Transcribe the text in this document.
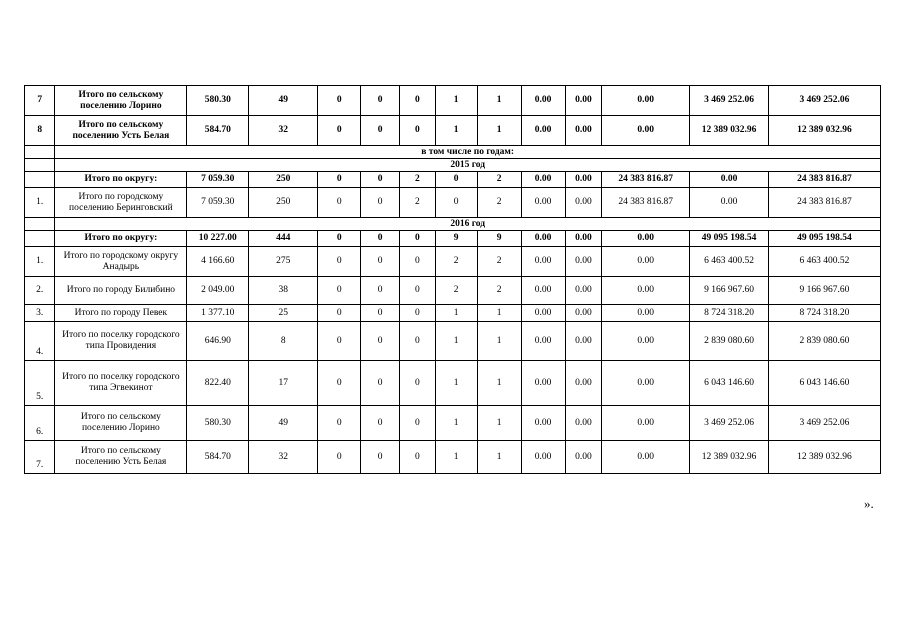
7	Итого по сельскому поселению Лорино	580.30	49	0	0	0	1	1	0.00	0.00	0.00	3 469 252.06	3 469 252.06
8	Итого по сельскому поселению Усть Белая	584.70	32	0	0	0	1	1	0.00	0.00	0.00	12 389 032.96	12 389 032.96
	в том числе по годам:												
	2015 год												
	Итого по округу:	7 059.30	250	0	0	2	0	2	0.00	0.00	24 383 816.87	0.00	24 383 816.87
1.	Итого по городскому поселению Беринговский	7 059.30	250	0	0	2	0	2	0.00	0.00	24 383 816.87	0.00	24 383 816.87
	2016 год												
	Итого по округу:	10 227.00	444	0	0	0	9	9	0.00	0.00	0.00	49 095 198.54	49 095 198.54
1.	Итого по городскому округу Анадырь	4 166.60	275	0	0	0	2	2	0.00	0.00	0.00	6 463 400.52	6 463 400.52
2.	Итого по городу Билибино	2 049.00	38	0	0	0	2	2	0.00	0.00	0.00	9 166 967.60	9 166 967.60
3.	Итого по городу Певек	1 377.10	25	0	0	0	1	1	0.00	0.00	0.00	8 724 318.20	8 724 318.20
4.	Итого по поселку городского типа Провидения	646.90	8	0	0	0	1	1	0.00	0.00	0.00	2 839 080.60	2 839 080.60
5.	Итого по поселку городского типа Эгвекинот	822.40	17	0	0	0	1	1	0.00	0.00	0.00	6 043 146.60	6 043 146.60
6.	Итого по сельскому поселению Лорино	580.30	49	0	0	0	1	1	0.00	0.00	0.00	3 469 252.06	3 469 252.06
7.	Итого по сельскому поселению Усть Белая	584.70	32	0	0	0	1	1	0.00	0.00	0.00	12 389 032.96	12 389 032.96
».
